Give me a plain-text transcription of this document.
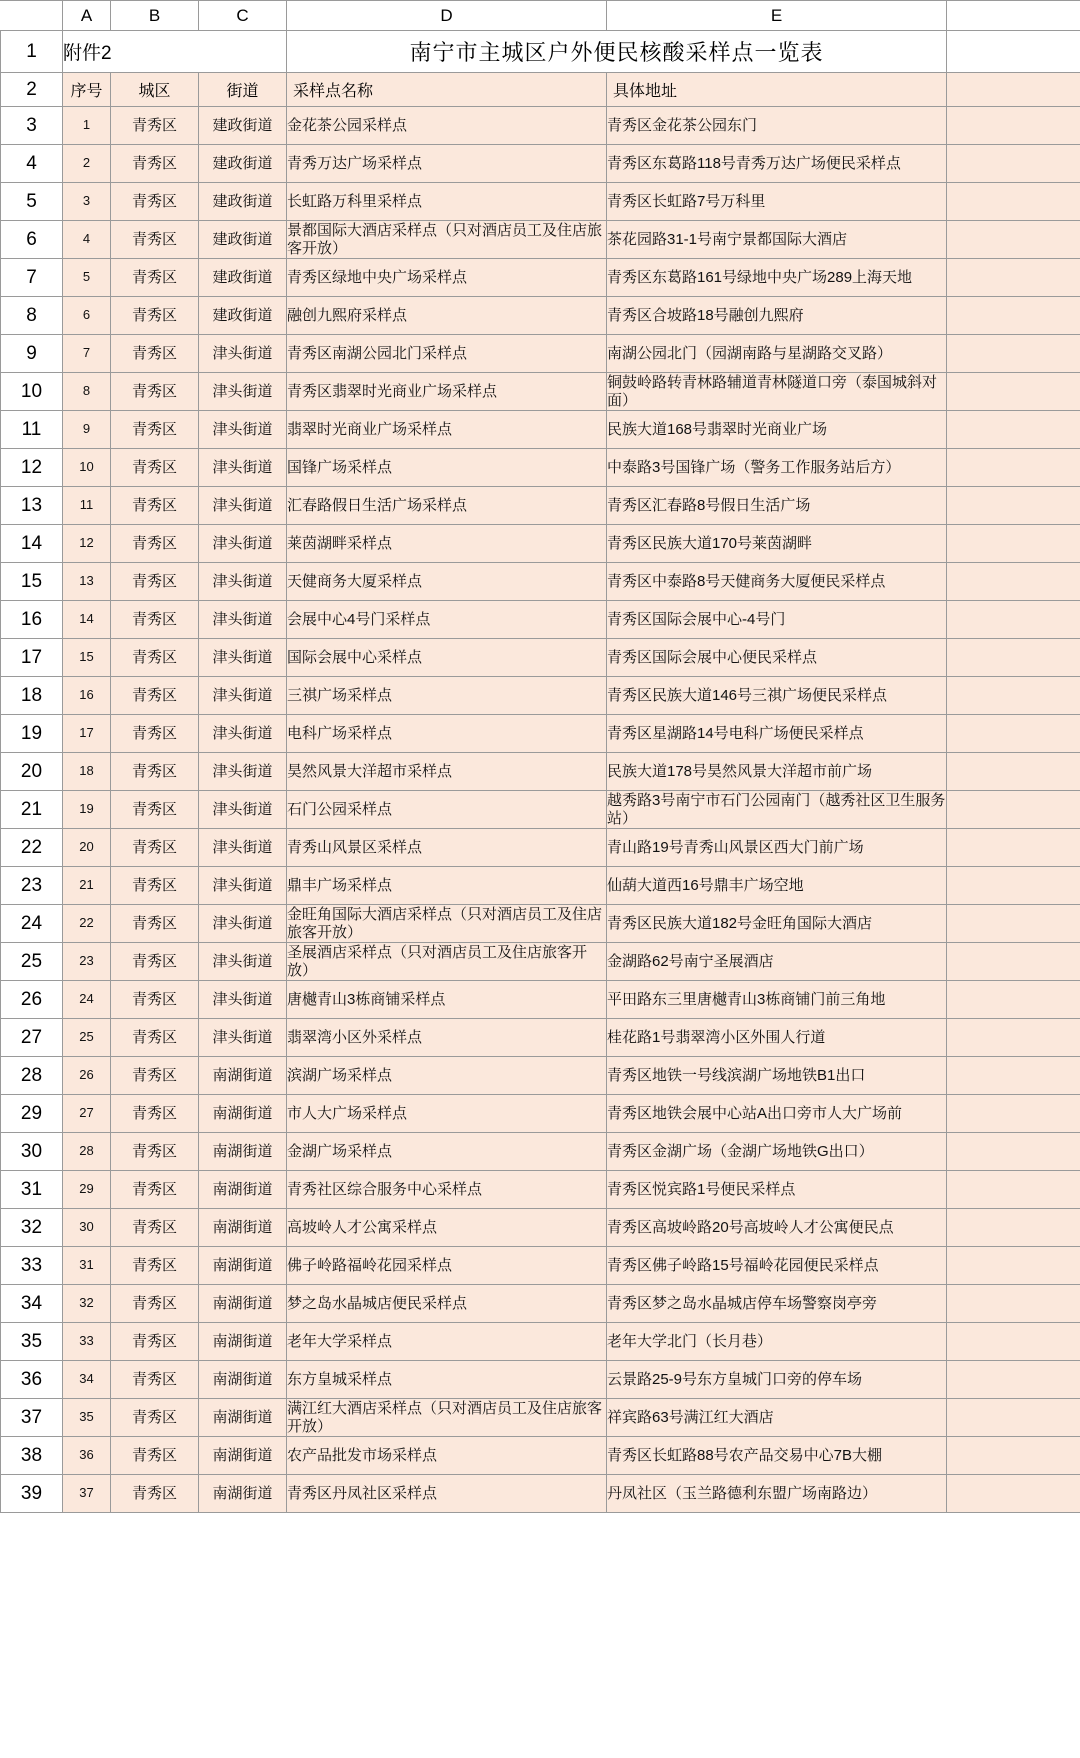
	A	B	C	D	E	
1	附件2			南宁市主城区户外便民核酸采样点一览表		
2	序号	城区	街道	采样点名称	具体地址	
3	1	青秀区	建政街道	金花茶公园采样点	青秀区金花茶公园东门	
4	2	青秀区	建政街道	青秀万达广场采样点	青秀区东葛路118号青秀万达广场便民采样点	
5	3	青秀区	建政街道	长虹路万科里采样点	青秀区长虹路7号万科里	
6	4	青秀区	建政街道	景都国际大酒店采样点（只对酒店员工及住店旅客开放）	茶花园路31-1号南宁景都国际大酒店	
7	5	青秀区	建政街道	青秀区绿地中央广场采样点	青秀区东葛路161号绿地中央广场289上海天地	
8	6	青秀区	建政街道	融创九熙府采样点	青秀区合坡路18号融创九熙府	
9	7	青秀区	津头街道	青秀区南湖公园北门采样点	南湖公园北门（园湖南路与星湖路交叉路）	
10	8	青秀区	津头街道	青秀区翡翠时光商业广场采样点	铜鼓岭路转青林路辅道青林隧道口旁（泰国城斜对面）	
11	9	青秀区	津头街道	翡翠时光商业广场采样点	民族大道168号翡翠时光商业广场	
12	10	青秀区	津头街道	国锋广场采样点	中泰路3号国锋广场（警务工作服务站后方）	
13	11	青秀区	津头街道	汇春路假日生活广场采样点	青秀区汇春路8号假日生活广场	
14	12	青秀区	津头街道	莱茵湖畔采样点	青秀区民族大道170号莱茵湖畔	
15	13	青秀区	津头街道	天健商务大厦采样点	青秀区中泰路8号天健商务大厦便民采样点	
16	14	青秀区	津头街道	会展中心4号门采样点	青秀区国际会展中心-4号门	
17	15	青秀区	津头街道	国际会展中心采样点	青秀区国际会展中心便民采样点	
18	16	青秀区	津头街道	三祺广场采样点	青秀区民族大道146号三祺广场便民采样点	
19	17	青秀区	津头街道	电科广场采样点	青秀区星湖路14号电科广场便民采样点	
20	18	青秀区	津头街道	昊然风景大洋超市采样点	民族大道178号昊然风景大洋超市前广场	
21	19	青秀区	津头街道	石门公园采样点	越秀路3号南宁市石门公园南门（越秀社区卫生服务站）	
22	20	青秀区	津头街道	青秀山风景区采样点	青山路19号青秀山风景区西大门前广场	
23	21	青秀区	津头街道	鼎丰广场采样点	仙葫大道西16号鼎丰广场空地	
24	22	青秀区	津头街道	金旺角国际大酒店采样点（只对酒店员工及住店旅客开放）	青秀区民族大道182号金旺角国际大酒店	
25	23	青秀区	津头街道	圣展酒店采样点（只对酒店员工及住店旅客开放）	金湖路62号南宁圣展酒店	
26	24	青秀区	津头街道	唐樾青山3栋商铺采样点	平田路东三里唐樾青山3栋商铺门前三角地	
27	25	青秀区	津头街道	翡翠湾小区外采样点	桂花路1号翡翠湾小区外围人行道	
28	26	青秀区	南湖街道	滨湖广场采样点	青秀区地铁一号线滨湖广场地铁B1出口	
29	27	青秀区	南湖街道	市人大广场采样点	青秀区地铁会展中心站A出口旁市人大广场前	
30	28	青秀区	南湖街道	金湖广场采样点	青秀区金湖广场（金湖广场地铁G出口）	
31	29	青秀区	南湖街道	青秀社区综合服务中心采样点	青秀区悦宾路1号便民采样点	
32	30	青秀区	南湖街道	高坡岭人才公寓采样点	青秀区高坡岭路20号高坡岭人才公寓便民点	
33	31	青秀区	南湖街道	佛子岭路福岭花园采样点	青秀区佛子岭路15号福岭花园便民采样点	
34	32	青秀区	南湖街道	梦之岛水晶城店便民采样点	青秀区梦之岛水晶城店停车场警察岗亭旁	
35	33	青秀区	南湖街道	老年大学采样点	老年大学北门（长月巷）	
36	34	青秀区	南湖街道	东方皇城采样点	云景路25-9号东方皇城门口旁的停车场	
37	35	青秀区	南湖街道	满江红大酒店采样点（只对酒店员工及住店旅客开放）	祥宾路63号满江红大酒店	
38	36	青秀区	南湖街道	农产品批发市场采样点	青秀区长虹路88号农产品交易中心7B大棚	
39	37	青秀区	南湖街道	青秀区丹凤社区采样点	丹凤社区（玉兰路德利东盟广场南路边）	
